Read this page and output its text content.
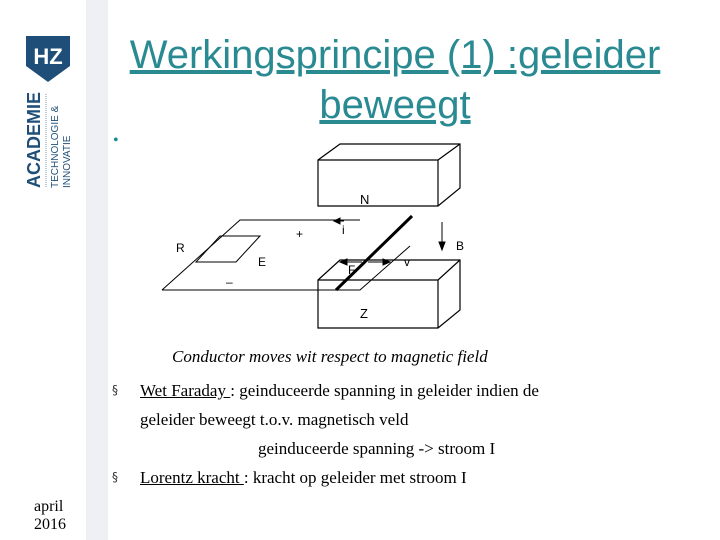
HZ
ACADEMIE TECHNOLOGIE & INNOVATIE
april 2016
Werkingsprincipe (1) :geleider
beweegt
•
N
Z
i
R
+
E
–
B
F
v
Conductor moves wit respect to magnetic field
§ Wet Faraday : geinduceerde spanning in geleider indien de
geleider beweegt t.o.v. magnetisch veld
geinduceerde spanning -> stroom I
§ Lorentz kracht : kracht op geleider met stroom I
